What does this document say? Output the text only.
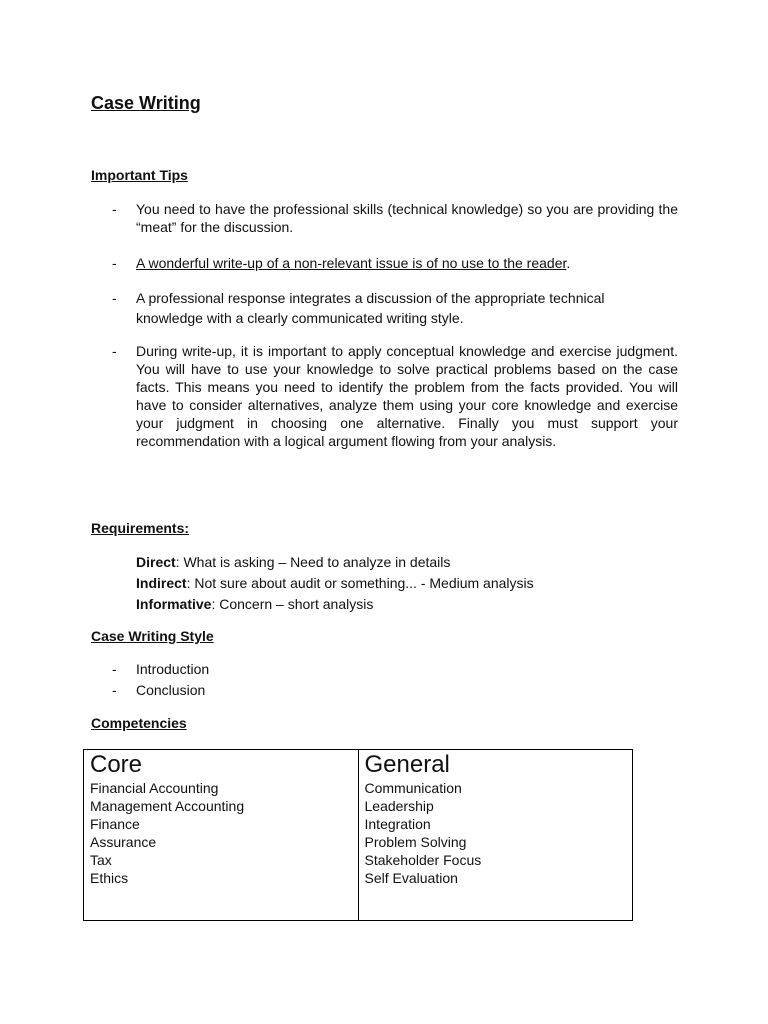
Case Writing
Important Tips
- You need to have the professional skills (technical knowledge) so you are providing the “meat” for the discussion.
- A wonderful write-up of a non-relevant issue is of no use to the reader.
- A professional response integrates a discussion of the appropriate technical
knowledge with a clearly communicated writing style.
- During write-up, it is important to apply conceptual knowledge and exercise judgment. You will have to use your knowledge to solve practical problems based on the case facts. This means you need to identify the problem from the facts provided. You will have to consider alternatives, analyze them using your core knowledge and exercise your judgment in choosing one alternative. Finally you must support your recommendation with a logical argument flowing from your analysis.
Requirements:
Direct: What is asking – Need to analyze in details
Indirect: Not sure about audit or something... - Medium analysis
Informative: Concern – short analysis
Case Writing Style
- Introduction
- Conclusion
Competencies
Core
Financial Accounting
Management Accounting
Finance
Assurance
Tax
Ethics
General
Communication
Leadership
Integration
Problem Solving
Stakeholder Focus
Self Evaluation
